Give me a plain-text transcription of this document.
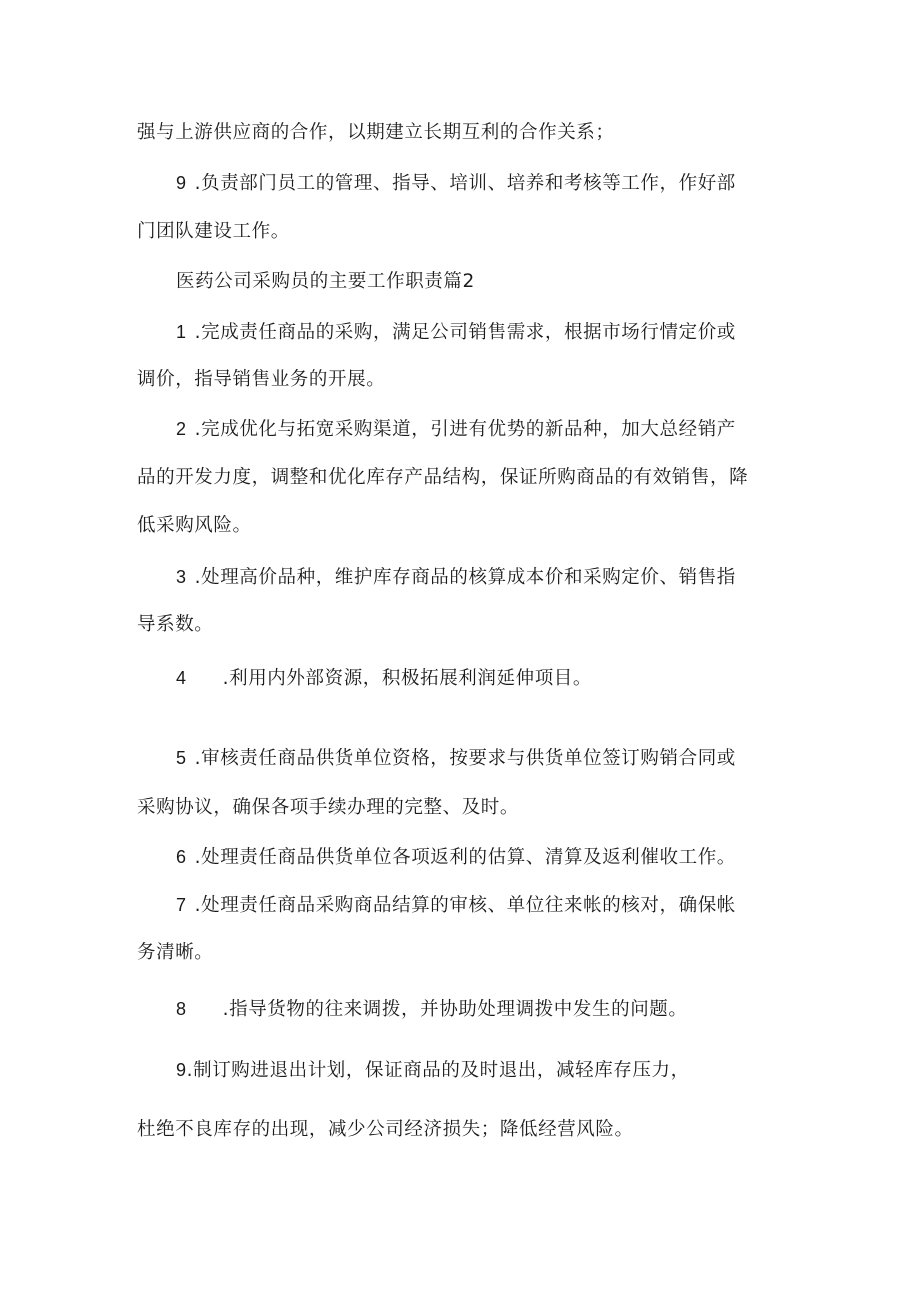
强与上游供应商的合作，以期建立长期互利的合作关系；
9 .负责部门员工的管理、指导、培训、培养和考核等工作，作好部
门团队建设工作。
医药公司采购员的主要工作职责篇2
1 .完成责任商品的采购，满足公司销售需求，根据市场行情定价或
调价，指导销售业务的开展。
2 .完成优化与拓宽采购渠道，引进有优势的新品种，加大总经销产
品的开发力度，调整和优化库存产品结构，保证所购商品的有效销售，降
低采购风险。
3 .处理高价品种，维护库存商品的核算成本价和采购定价、销售指
导系数。
4 .利用内外部资源，积极拓展利润延伸项目。
5 .审核责任商品供货单位资格，按要求与供货单位签订购销合同或
采购协议，确保各项手续办理的完整、及时。
6 .处理责任商品供货单位各项返利的估算、清算及返利催收工作。
7 .处理责任商品采购商品结算的审核、单位往来帐的核对，确保帐
务清晰。
8 .指导货物的往来调拨，并协助处理调拨中发生的问题。
9.制订购进退出计划，保证商品的及时退出，减轻库存压力，
杜绝不良库存的出现，减少公司经济损失；降低经营风险。
